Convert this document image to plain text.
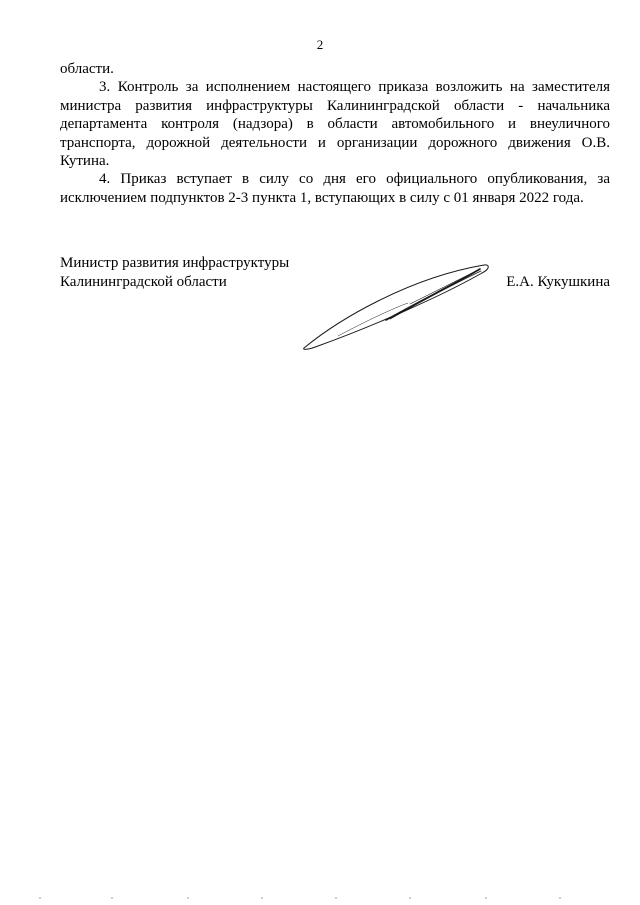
2

области.

3. Контроль за исполнением настоящего приказа возложить на заместителя министра развития инфраструктуры Калининградской области - начальника департамента контроля (надзора) в области автомобильного и внеуличного транспорта, дорожной деятельности и организации дорожного движения О.В. Кутина.

4. Приказ вступает в силу со дня его официального опубликования, за исключением подпунктов 2-3 пункта 1, вступающих в силу с 01 января 2022 года.

Министр развития инфраструктуры
Калининградской области	Е.А. Кукушкина
